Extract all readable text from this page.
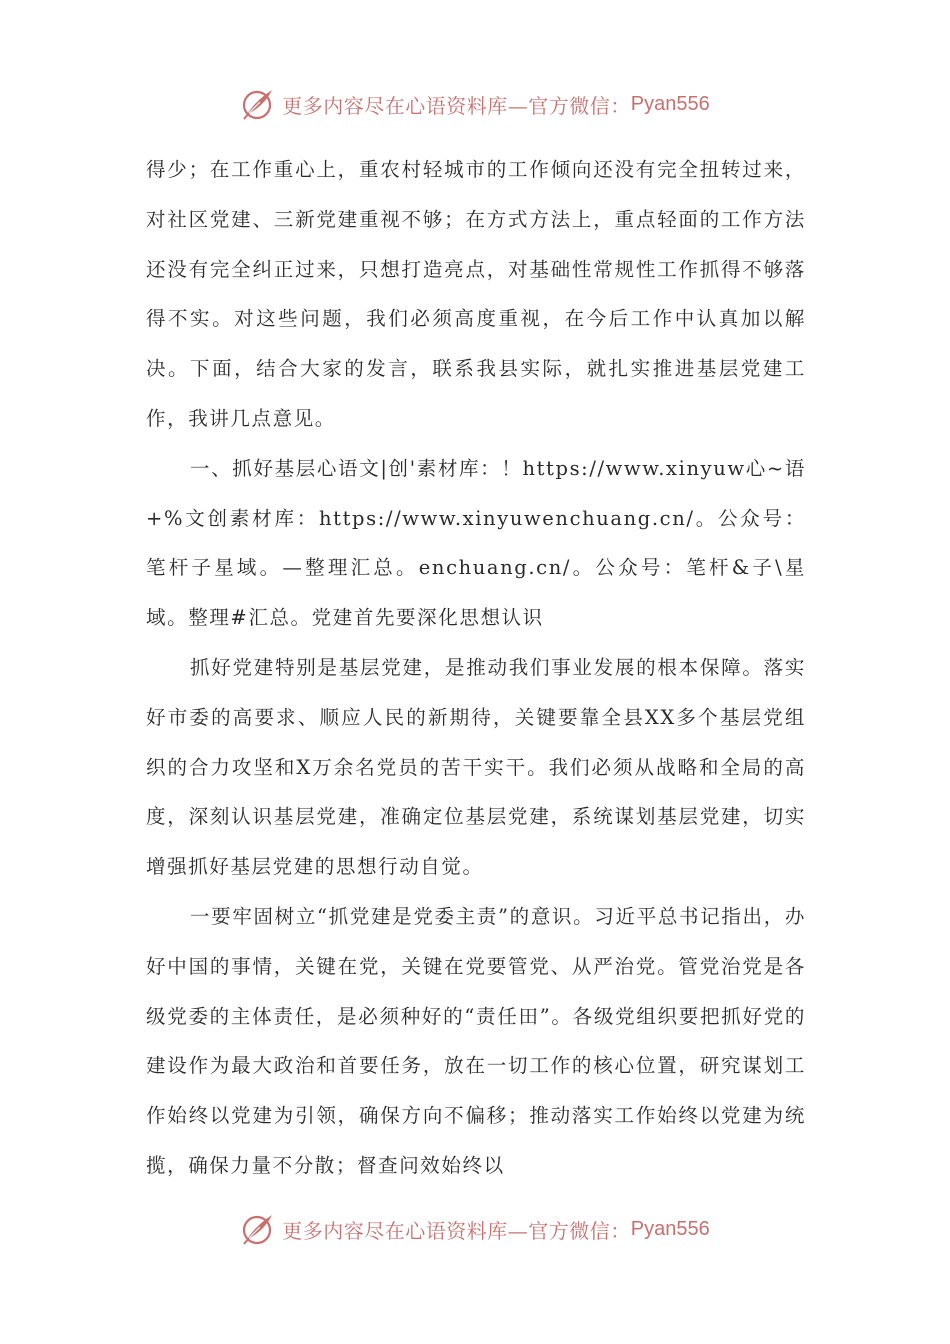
更多内容尽在心语资料库—官方微信： Pyan556

得少；在工作重心上，重农村轻城市的工作倾向还没有完全扭转过来，对社区党建、三新党建重视不够；在方式方法上，重点轻面的工作方法还没有完全纠正过来，只想打造亮点，对基础性常规性工作抓得不够落得不实。对这些问题，我们必须高度重视，在今后工作中认真加以解决。下面，结合大家的发言，联系我县实际，就扎实推进基层党建工作，我讲几点意见。

一、抓好基层心语文|创'素材库：！https://www.xinyuw心~语+%文创素材库：https://www.xinyuwenchuang.cn/。公众号：笔杆子星域。—整理汇总。enchuang.cn/。公众号：笔杆&子\星域。整理#汇总。党建首先要深化思想认识

抓好党建特别是基层党建，是推动我们事业发展的根本保障。落实好市委的高要求、顺应人民的新期待，关键要靠全县XX多个基层党组织的合力攻坚和X万余名党员的苦干实干。我们必须从战略和全局的高度，深刻认识基层党建，准确定位基层党建，系统谋划基层党建，切实增强抓好基层党建的思想行动自觉。

一要牢固树立“抓党建是党委主责”的意识。习近平总书记指出，办好中国的事情，关键在党，关键在党要管党、从严治党。管党治党是各级党委的主体责任，是必须种好的“责任田”。各级党组织要把抓好党的建设作为最大政治和首要任务，放在一切工作的核心位置，研究谋划工作始终以党建为引领，确保方向不偏移；推动落实工作始终以党建为统揽，确保力量不分散；督查问效始终以

更多内容尽在心语资料库—官方微信： Pyan556
